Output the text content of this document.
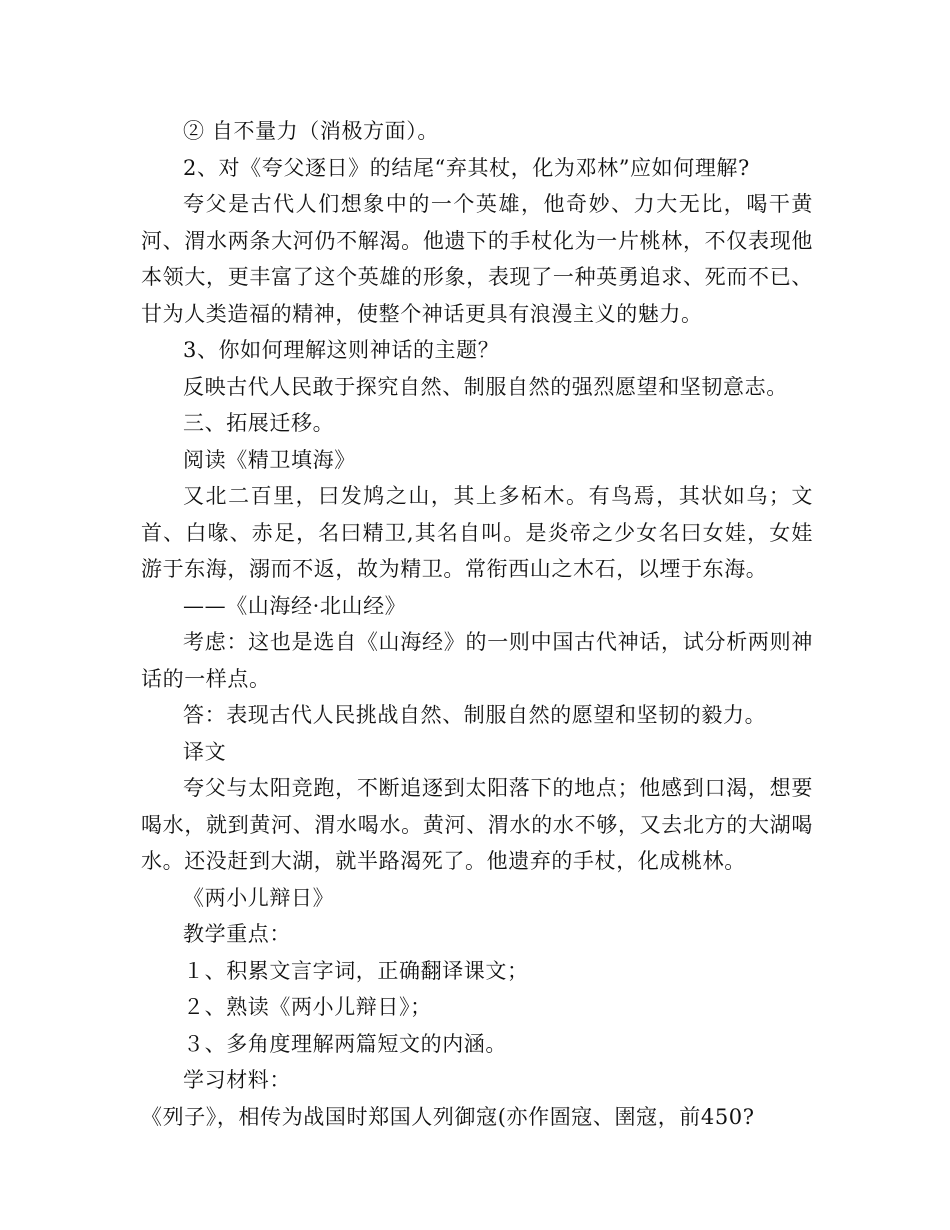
② 自不量力（消极方面）。

2、对《夸父逐日》的结尾“弃其杖，化为邓林”应如何理解?

夸父是古代人们想象中的一个英雄，他奇妙、力大无比，喝干黄河、渭水两条大河仍不解渴。他遗下的手杖化为一片桃林，不仅表现他本领大，更丰富了这个英雄的形象，表现了一种英勇追求、死而不已、甘为人类造福的精神，使整个神话更具有浪漫主义的魅力。

3、你如何理解这则神话的主题？

反映古代人民敢于探究自然、制服自然的强烈愿望和坚韧意志。

三、拓展迁移。

阅读《精卫填海》

又北二百里，曰发鸠之山，其上多柘木。有鸟焉，其状如乌；文首、白喙、赤足，名曰精卫,其名自叫。是炎帝之少女名曰女娃，女娃游于东海，溺而不返，故为精卫。常衔西山之木石，以堙于东海。

——《山海经·北山经》

考虑：这也是选自《山海经》的一则中国古代神话，试分析两则神话的一样点。

答：表现古代人民挑战自然、制服自然的愿望和坚韧的毅力。

译文

夸父与太阳竞跑，不断追逐到太阳落下的地点；他感到口渴，想要喝水，就到黄河、渭水喝水。黄河、渭水的水不够，又去北方的大湖喝水。还没赶到大湖，就半路渴死了。他遗弃的手杖，化成桃林。

《两小儿辩日》

教学重点：

１、积累文言字词，正确翻译课文；

２、熟读《两小儿辩日》；

３、多角度理解两篇短文的内涵。

学习材料：

《列子》，相传为战国时郑国人列御寇(亦作圄寇、圉寇，前450?
